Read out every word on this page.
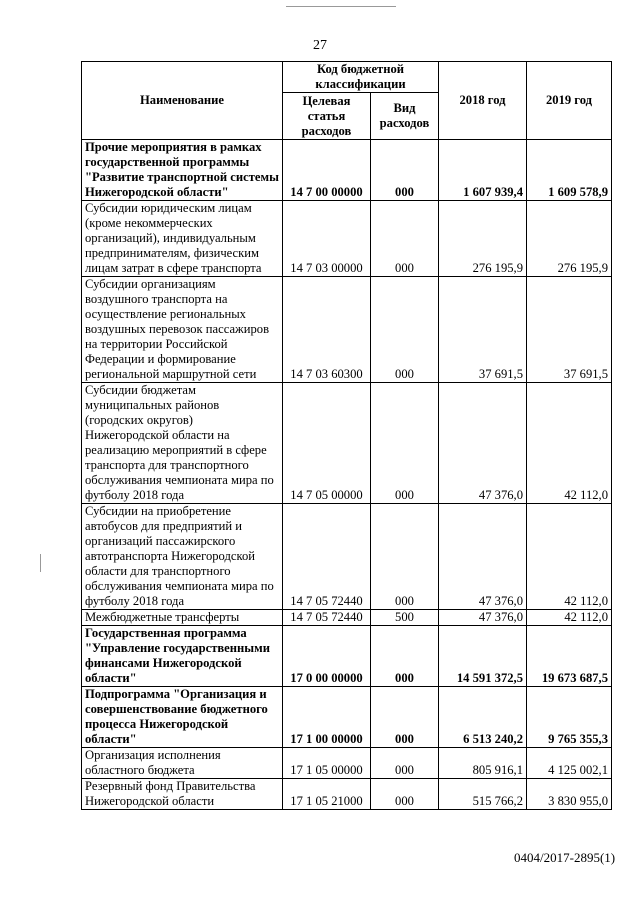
27
Наименование	Код бюджетной классификации		2018 год	2019 год
	Целевая статья расходов	Вид расходов		
Прочие мероприятия в рамках государственной программы "Развитие транспортной системы Нижегородской области"	14 7 00 00000	000	1 607 939,4	1 609 578,9
Субсидии юридическим лицам (кроме некоммерческих организаций), индивидуальным предпринимателям, физическим лицам затрат в сфере транспорта	14 7 03 00000	000	276 195,9	276 195,9
Субсидии организациям воздушного транспорта на осуществление региональных воздушных перевозок пассажиров на территории Российской Федерации и формирование региональной маршрутной сети	14 7 03 60300	000	37 691,5	37 691,5
Субсидии бюджетам муниципальных районов (городских округов) Нижегородской области на реализацию мероприятий в сфере транспорта для транспортного обслуживания чемпионата мира по футболу 2018 года	14 7 05 00000	000	47 376,0	42 112,0
Субсидии на приобретение автобусов для предприятий и организаций пассажирского автотранспорта Нижегородской области для транспортного обслуживания чемпионата мира по футболу 2018 года	14 7 05 72440	000	47 376,0	42 112,0
Межбюджетные трансферты	14 7 05 72440	500	47 376,0	42 112,0
Государственная программа "Управление государственными финансами Нижегородской области"	17 0 00 00000	000	14 591 372,5	19 673 687,5
Подпрограмма "Организация и совершенствование бюджетного процесса Нижегородской области"	17 1 00 00000	000	6 513 240,2	9 765 355,3
Организация исполнения областного бюджета	17 1 05 00000	000	805 916,1	4 125 002,1
Резервный фонд Правительства Нижегородской области	17 1 05 21000	000	515 766,2	3 830 955,0
0404/2017-2895(1)
